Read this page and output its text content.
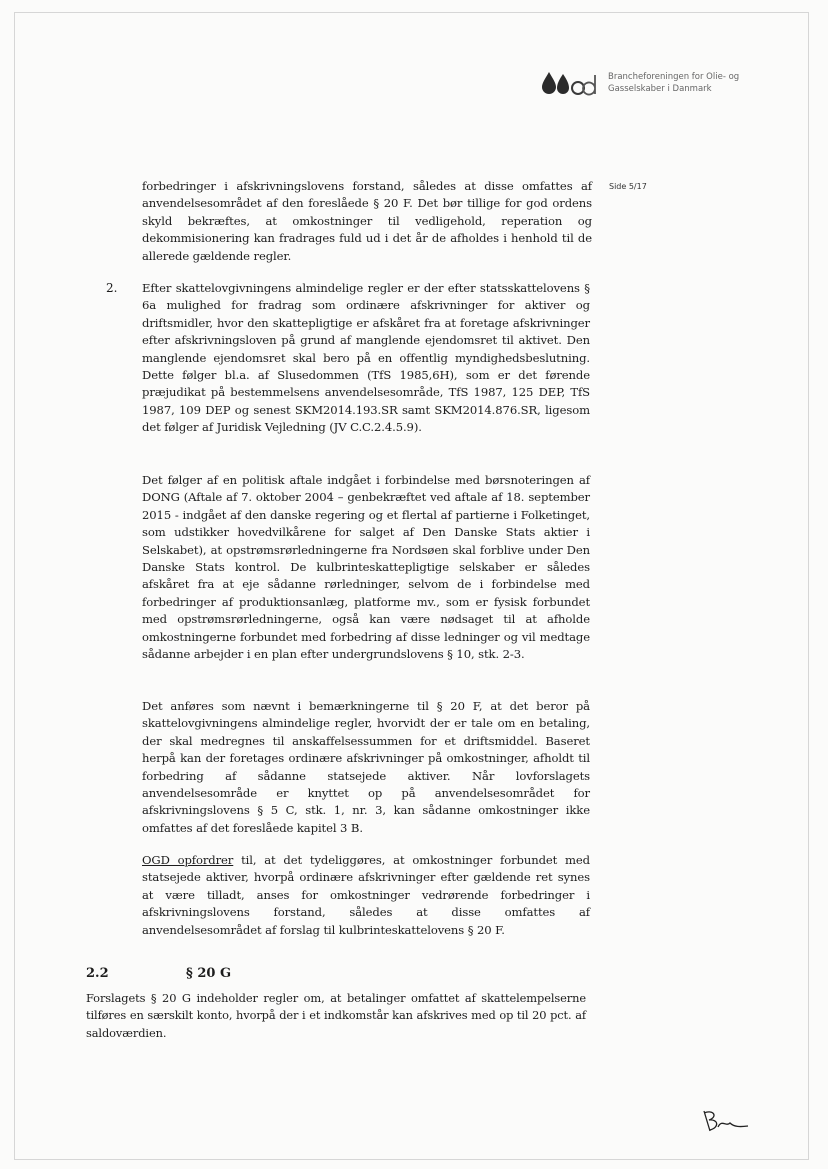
Brancheforeningen for Olie- og
Gasselskaber i Danmark
Side 5/17

forbedringer i afskrivningslovens forstand, således at disse omfattes af anvendelsesområdet af den foreslåede § 20 F. Det bør tillige for god ordens skyld bekræftes, at omkostninger til vedligehold, reperation og dekommisionering kan fradrages fuld ud i det år de afholdes i henhold til de allerede gældende regler.

2. Efter skattelovgivningens almindelige regler er der efter statsskattelovens § 6a mulighed for fradrag som ordinære afskrivninger for aktiver og driftsmidler, hvor den skattepligtige er afskåret fra at foretage afskrivninger efter afskrivningsloven på grund af manglende ejendomsret til aktivet. Den manglende ejendomsret skal bero på en offentlig myndighedsbeslutning. Dette følger bl.a. af Slusedommen (TfS 1985,6H), som er det førende præjudikat på bestemmelsens anvendelsesområde, TfS 1987, 125 DEP, TfS 1987, 109 DEP og senest SKM2014.193.SR samt SKM2014.876.SR, ligesom det følger af Juridisk Vejledning (JV C.C.2.4.5.9).

Det følger af en politisk aftale indgået i forbindelse med børsnoteringen af DONG (Aftale af 7. oktober 2004 – genbekræftet ved aftale af 18. september 2015 - indgået af den danske regering og et flertal af partierne i Folketinget, som udstikker hovedvilkårene for salget af Den Danske Stats aktier i Selskabet), at opstrømsrørledningerne fra Nordsøen skal forblive under Den Danske Stats kontrol. De kulbrinteskattepligtige selskaber er således afskåret fra at eje sådanne rørledninger, selvom de i forbindelse med forbedringer af produktionsanlæg, platforme mv., som er fysisk forbundet med opstrømsrørledningerne, også kan være nødsaget til at afholde omkostningerne forbundet med forbedring af disse ledninger og vil medtage sådanne arbejder i en plan efter undergrundslovens § 10, stk. 2-3.

Det anføres som nævnt i bemærkningerne til § 20 F, at det beror på skattelovgivningens almindelige regler, hvorvidt der er tale om en betaling, der skal medregnes til anskaffelsessummen for et driftsmiddel. Baseret herpå kan der foretages ordinære afskrivninger på omkostninger, afholdt til forbedring af sådanne statsejede aktiver. Når lovforslagets anvendelsesområde er knyttet op på anvendelsesområdet for afskrivningslovens § 5 C, stk. 1, nr. 3, kan sådanne omkostninger ikke omfattes af det foreslåede kapitel 3 B.

OGD opfordrer til, at det tydeliggøres, at omkostninger forbundet med statsejede aktiver, hvorpå ordinære afskrivninger efter gældende ret synes at være tilladt, anses for omkostninger vedrørende forbedringer i afskrivningslovens forstand, således at disse omfattes af anvendelsesområdet af forslag til kulbrinteskattelovens § 20 F.

2.2	§ 20 G

Forslagets § 20 G indeholder regler om, at betalinger omfattet af skattelempelserne tilføres en særskilt konto, hvorpå der i et indkomstår kan afskrives med op til 20 pct. af saldoværdien.
